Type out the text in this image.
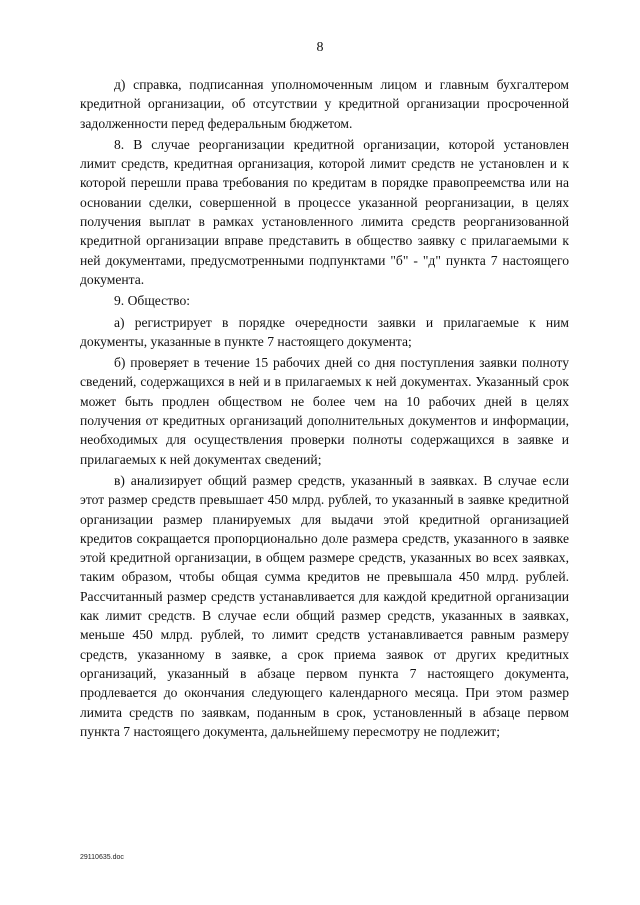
8

д) справка, подписанная уполномоченным лицом и главным бухгалтером кредитной организации, об отсутствии у кредитной организации просроченной задолженности перед федеральным бюджетом.

8. В случае реорганизации кредитной организации, которой установлен лимит средств, кредитная организация, которой лимит средств не установлен и к которой перешли права требования по кредитам в порядке правопреемства или на основании сделки, совершенной в процессе указанной реорганизации, в целях получения выплат в рамках установленного лимита средств реорганизованной кредитной организации вправе представить в общество заявку с прилагаемыми к ней документами, предусмотренными подпунктами "б" - "д" пункта 7 настоящего документа.

9. Общество:

а) регистрирует в порядке очередности заявки и прилагаемые к ним документы, указанные в пункте 7 настоящего документа;

б) проверяет в течение 15 рабочих дней со дня поступления заявки полноту сведений, содержащихся в ней и в прилагаемых к ней документах. Указанный срок может быть продлен обществом не более чем на 10 рабочих дней в целях получения от кредитных организаций дополнительных документов и информации, необходимых для осуществления проверки полноты содержащихся в заявке и прилагаемых к ней документах сведений;

в) анализирует общий размер средств, указанный в заявках. В случае если этот размер средств превышает 450 млрд. рублей, то указанный в заявке кредитной организации размер планируемых для выдачи этой кредитной организацией кредитов сокращается пропорционально доле размера средств, указанного в заявке этой кредитной организации, в общем размере средств, указанных во всех заявках, таким образом, чтобы общая сумма кредитов не превышала 450 млрд. рублей. Рассчитанный размер средств устанавливается для каждой кредитной организации как лимит средств. В случае если общий размер средств, указанных в заявках, меньше 450 млрд. рублей, то лимит средств устанавливается равным размеру средств, указанному в заявке, а срок приема заявок от других кредитных организаций, указанный в абзаце первом пункта 7 настоящего документа, продлевается до окончания следующего календарного месяца. При этом размер лимита средств по заявкам, поданным в срок, установленный в абзаце первом пункта 7 настоящего документа, дальнейшему пересмотру не подлежит;

29110635.doc
